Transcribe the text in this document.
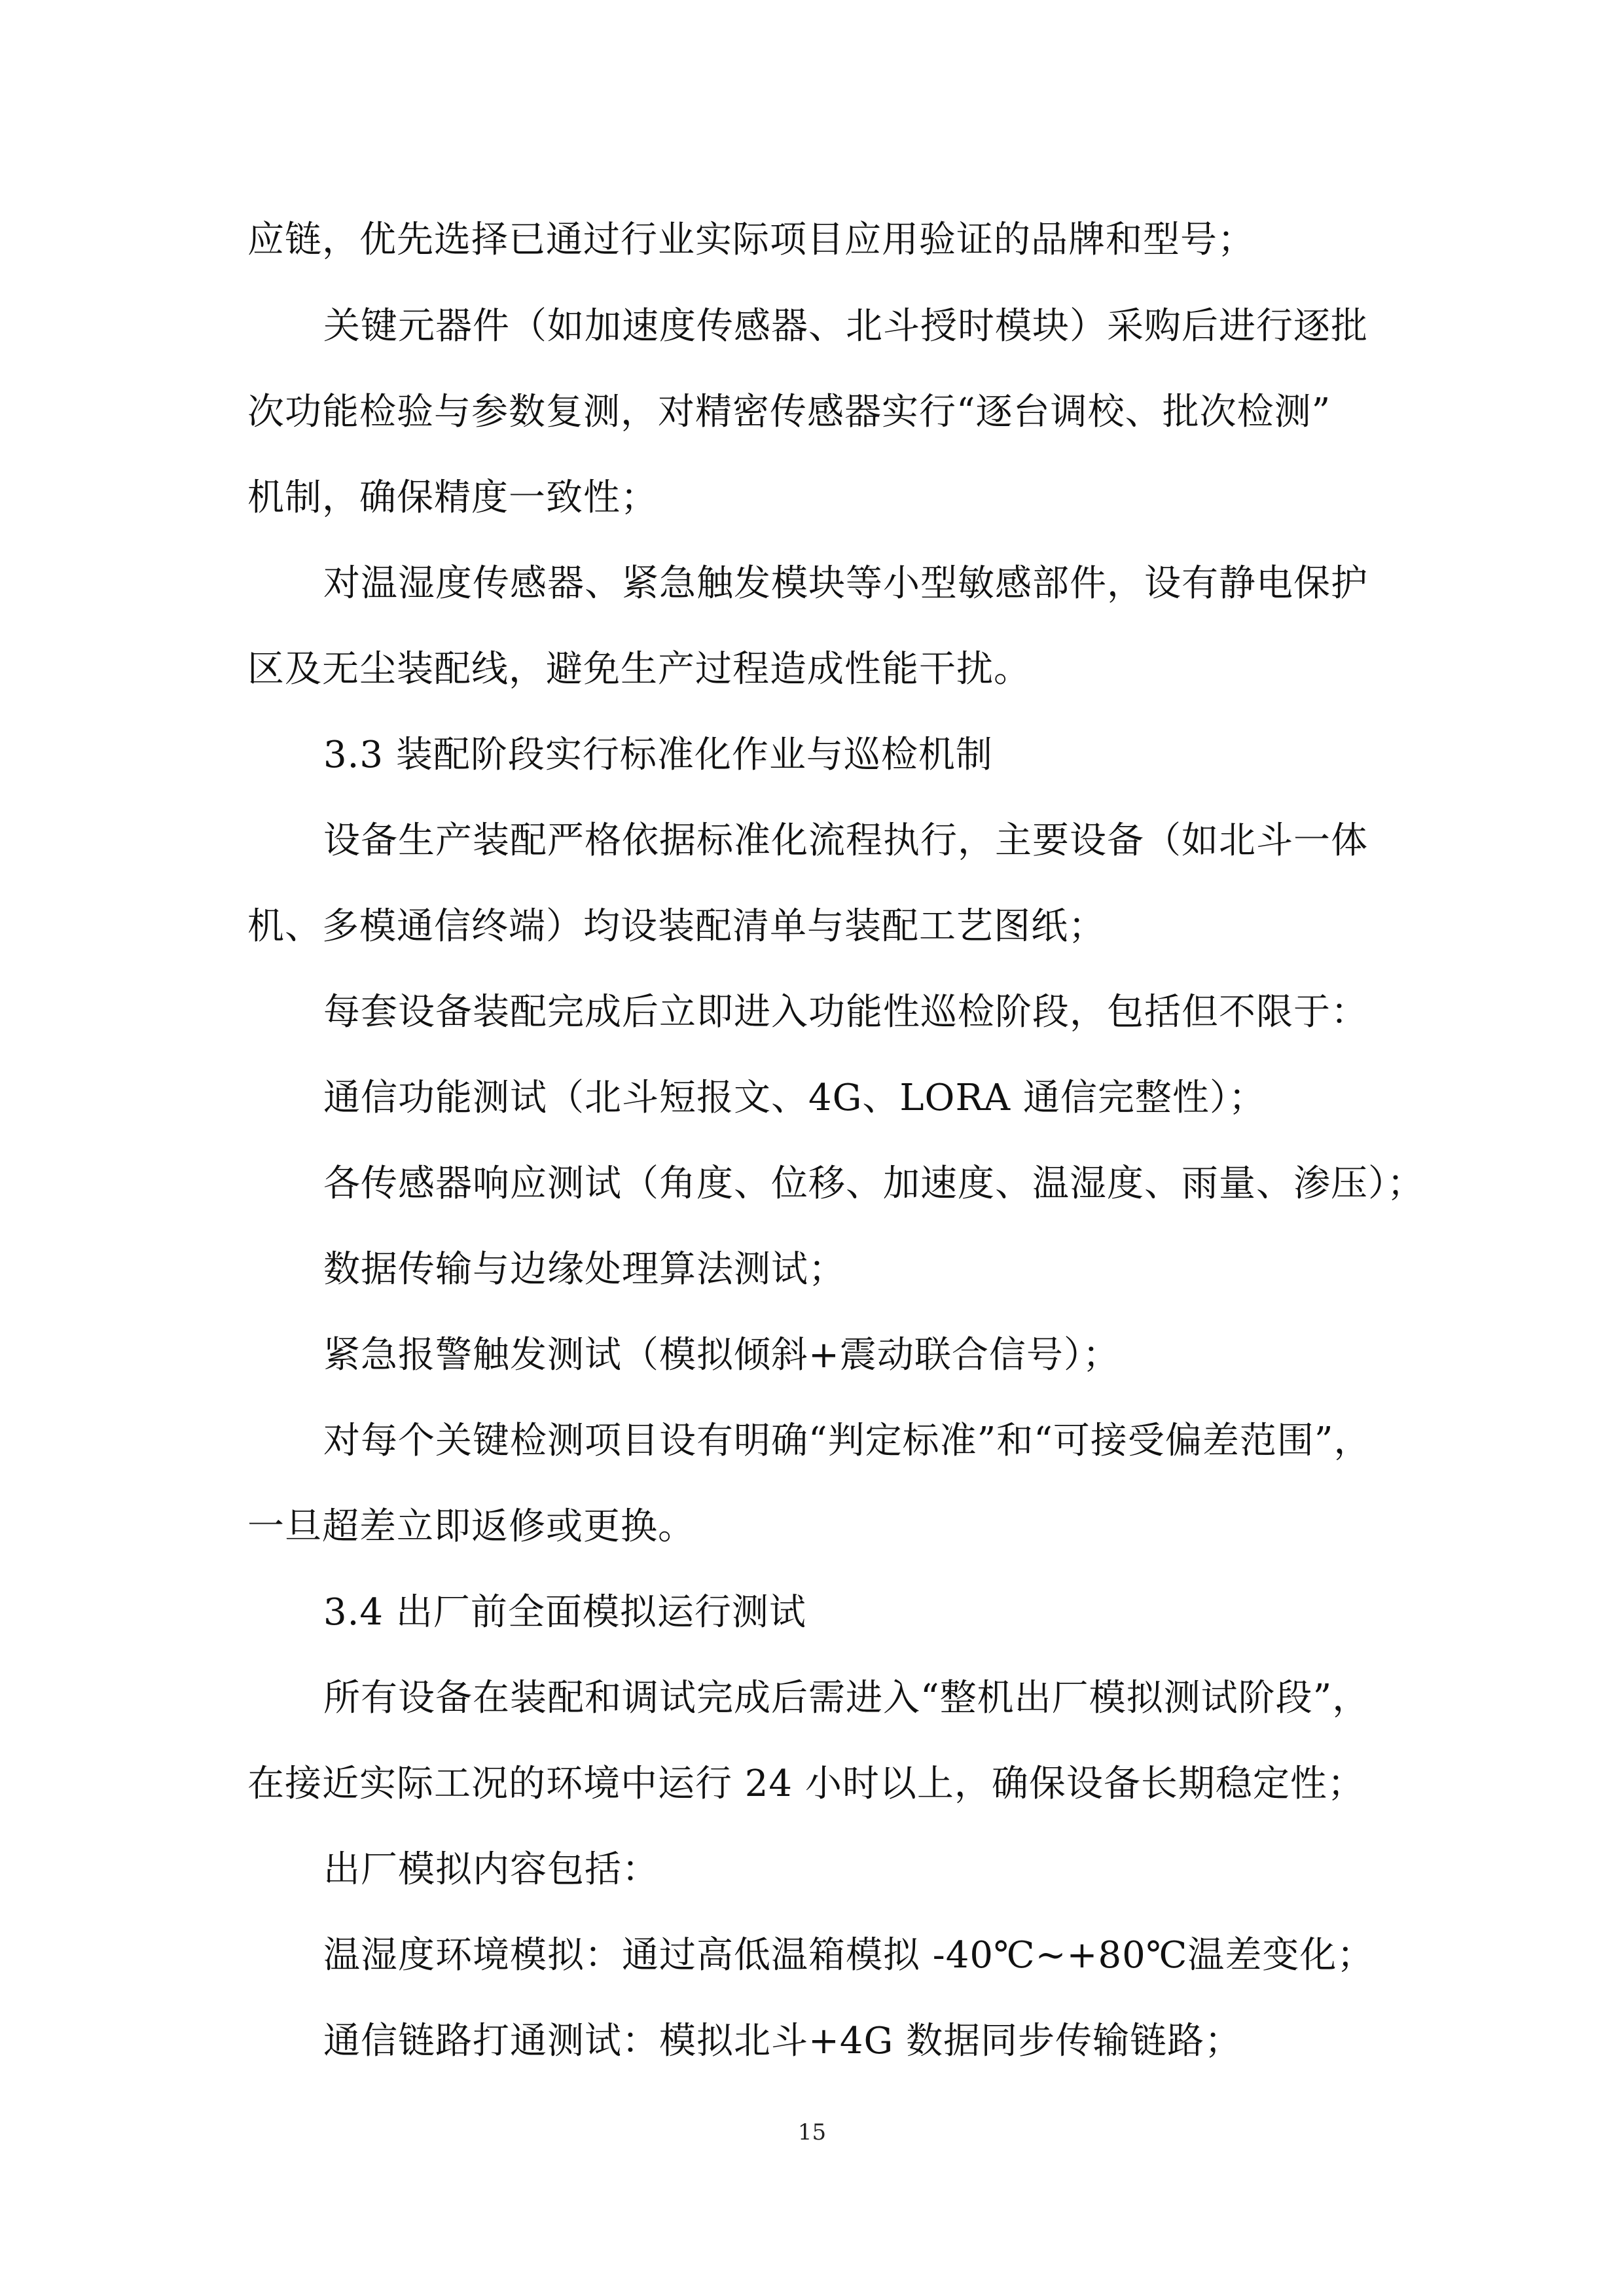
应链，优先选择已通过行业实际项目应用验证的品牌和型号；
关键元器件（如加速度传感器、北斗授时模块）采购后进行逐批
次功能检验与参数复测，对精密传感器实行“逐台调校、批次检测”
机制，确保精度一致性；
对温湿度传感器、紧急触发模块等小型敏感部件，设有静电保护
区及无尘装配线，避免生产过程造成性能干扰。
3.3 装配阶段实行标准化作业与巡检机制
设备生产装配严格依据标准化流程执行，主要设备（如北斗一体
机、多模通信终端）均设装配清单与装配工艺图纸；
每套设备装配完成后立即进入功能性巡检阶段，包括但不限于：
通信功能测试（北斗短报文、4G、LORA 通信完整性）；
各传感器响应测试（角度、位移、加速度、温湿度、雨量、渗压）；
数据传输与边缘处理算法测试；
紧急报警触发测试（模拟倾斜+震动联合信号）；
对每个关键检测项目设有明确“判定标准”和“可接受偏差范围”，
一旦超差立即返修或更换。
3.4 出厂前全面模拟运行测试
所有设备在装配和调试完成后需进入“整机出厂模拟测试阶段”，
在接近实际工况的环境中运行 24 小时以上，确保设备长期稳定性；
出厂模拟内容包括：
温湿度环境模拟：通过高低温箱模拟 -40℃~+80℃温差变化；
通信链路打通测试：模拟北斗+4G 数据同步传输链路；
15
